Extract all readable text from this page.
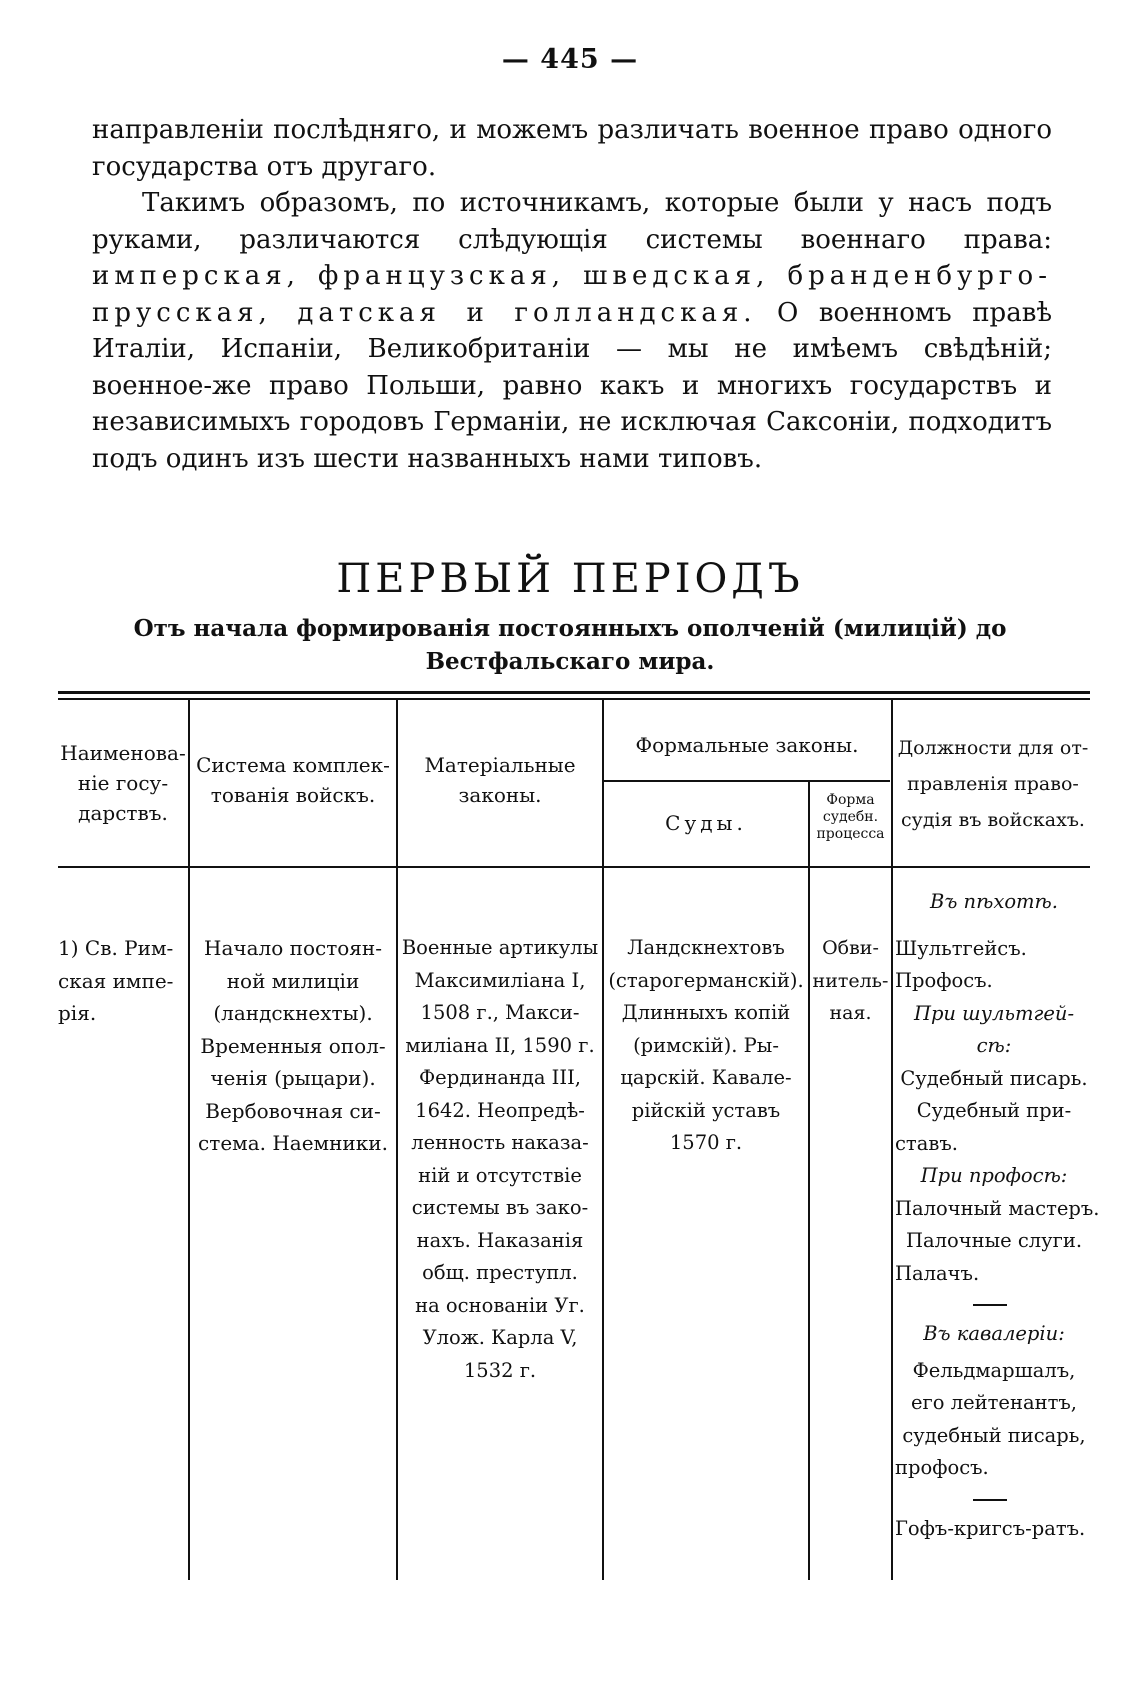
— 445 —

направленіи послѣдняго, и можемъ различать военное право одного государства отъ другаго.

Такимъ образомъ, по источникамъ, которые были у насъ подъ руками, различаются слѣдующія системы военнаго права: имперская, французская, шведская, бранденбурго-прусская, датская и голландская. О военномъ правѣ Италіи, Испаніи, Великобританіи — мы не имѣемъ свѣдѣній; военное-же право Польши, равно какъ и многихъ государствъ и независимыхъ городовъ Германіи, не исключая Саксоніи, подходитъ подъ одинъ изъ шести названныхъ нами типовъ.

ПЕРВЫЙ ПЕРІОДЪ
Отъ начала формированія постоянныхъ ополченій (милицій) до Вестфальскаго мира.
Наименова- ніе госу- дарствъ.
Система комплек- тованія войскъ.
Матеріальные законы.
Формальные законы.
Суды.
Форма судебн. процесса
Должности для от- правленія право- судія въ войскахъ.
1) Св. Рим-
ская импе-
рія.
Начало постоян-
ной милиціи
(ландскнехты).
Временныя опол-
ченія (рыцари).
Вербовочная си-
стема. Наемники.
Военные артикулы
Максимиліана I,
1508 г., Макси-
миліана II, 1590 г.
Фердинанда III,
1642. Неопредѣ-
ленность наказа-
ній и отсутствіе
системы въ зако-
нахъ. Наказанія
общ. преступл.
на основаніи Уг.
Улож. Карла V,
1532 г.
Ландскнехтовъ
(старогерманскій).
Длинныхъ копій
(римскій). Ры-
царскій. Кавале-
рійскій уставъ
1570 г.
Обви-
нитель-
ная.
Въ пѣхотѣ.
Шультгейсъ.
Профосъ.
При шультгей-
сѣ:
Судебный писарь.
Судебный при-
ставъ.
При профосѣ:
Палочный мастеръ.
Палочные слуги.
Палачъ.
Въ кавалеріи:
Фельдмаршалъ,
его лейтенантъ,
судебный писарь,
профосъ.
Гофъ-кригсъ-ратъ.
